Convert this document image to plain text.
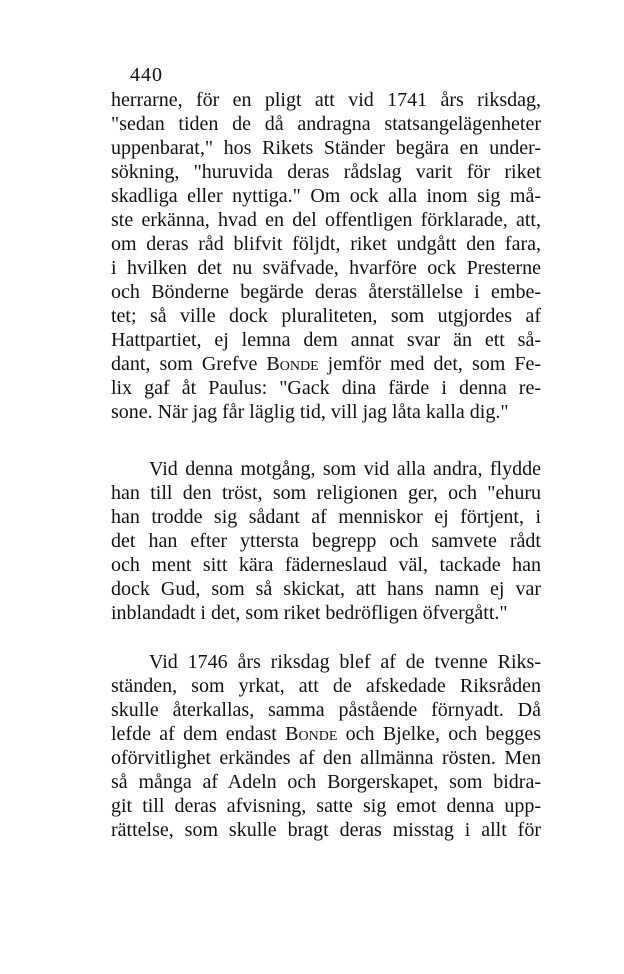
440
herrarne, för en pligt att vid 1741 års riksdag,
"sedan tiden de då andragna statsangelägenheter
uppenbarat," hos Rikets Ständer begära en under-
sökning, "huruvida deras rådslag varit för riket
skadliga eller nyttiga." Om ock alla inom sig må-
ste erkänna, hvad en del offentligen förklarade, att,
om deras råd blifvit följdt, riket undgått den fara,
i hvilken det nu sväfvade, hvarföre ock Presterne
och Bönderne begärde deras återställelse i embe-
tet; så ville dock pluraliteten, som utgjordes af
Hattpartiet, ej lemna dem annat svar än ett så-
dant, som Grefve Bonde jemför med det, som Fe-
lix gaf åt Paulus: "Gack dina färde i denna re-
sone. När jag får läglig tid, vill jag låta kalla dig."
Vid denna motgång, som vid alla andra, flydde
han till den tröst, som religionen ger, och "ehuru
han trodde sig sådant af menniskor ej förtjent, i
det han efter yttersta begrepp och samvete rådt
och ment sitt kära fäderneslaud väl, tackade han
dock Gud, som så skickat, att hans namn ej var
inblandadt i det, som riket bedröfligen öfvergått."
Vid 1746 års riksdag blef af de tvenne Riks-
ständen, som yrkat, att de afskedade Riksråden
skulle återkallas, samma påstående förnyadt. Då
lefde af dem endast Bonde och Bjelke, och begges
oförvitlighet erkändes af den allmänna rösten. Men
så många af Adeln och Borgerskapet, som bidra-
git till deras afvisning, satte sig emot denna upp-
rättelse, som skulle bragt deras misstag i allt för
